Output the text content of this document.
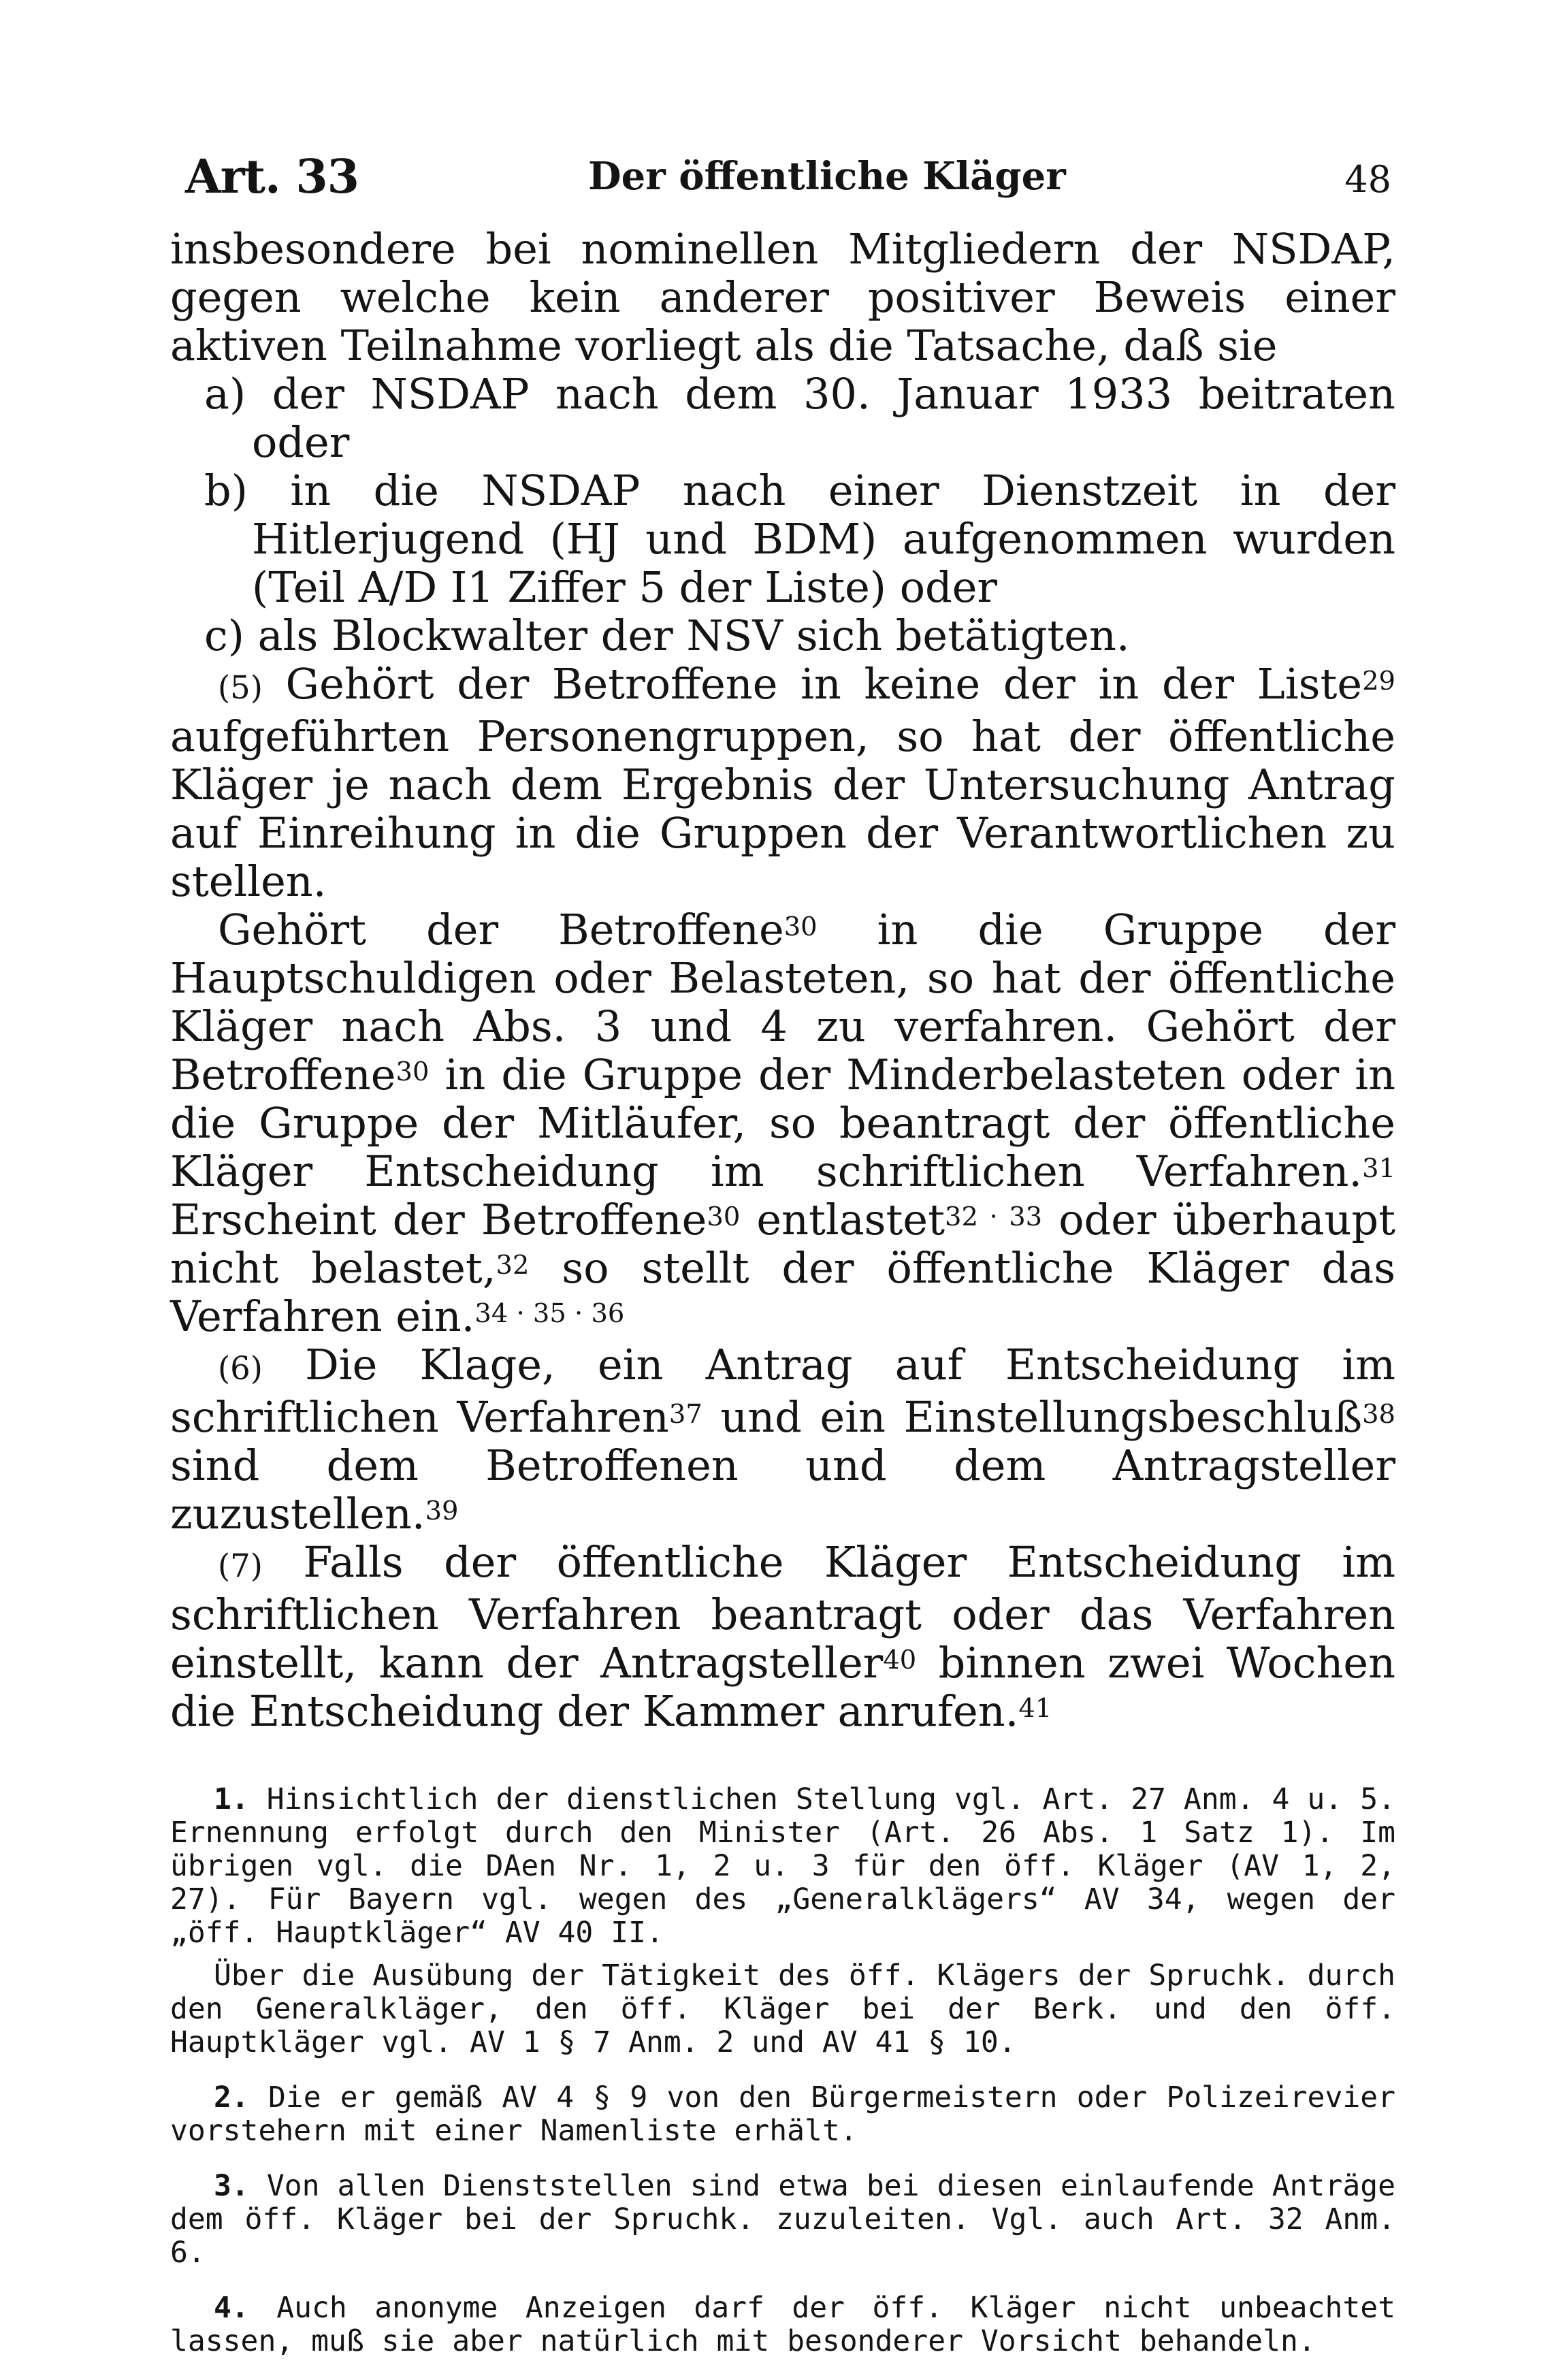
Art. 33	Der öffentliche Kläger	48

insbesondere bei nominellen Mitgliedern der NSDAP, gegen welche kein anderer positiver Beweis einer aktiven Teilnahme vorliegt als die Tatsache, daß sie

a) der NSDAP nach dem 30. Januar 1933 beitraten oder

b) in die NSDAP nach einer Dienstzeit in der Hitlerjugend (HJ und BDM) aufgenommen wurden (Teil A/D I1 Ziffer 5 der Liste) oder

c) als Blockwalter der NSV sich betätigten.

(5) Gehört der Betroffene in keine der in der Liste$^{29}$ aufgeführten Personengruppen, so hat der öffentliche Kläger je nach dem Ergebnis der Untersuchung Antrag auf Einreihung in die Gruppen der Verantwortlichen zu stellen.

Gehört der Betroffene$^{30}$ in die Gruppe der Hauptschuldigen oder Belasteten, so hat der öffentliche Kläger nach Abs. 3 und 4 zu verfahren. Gehört der Betroffene$^{30}$ in die Gruppe der Minderbelasteten oder in die Gruppe der Mitläufer, so beantragt der öffentliche Kläger Entscheidung im schriftlichen Verfahren.$^{31}$ Erscheint der Betroffene$^{30}$ entlastet$^{32 \cdot 33}$ oder überhaupt nicht belastet,$^{32}$ so stellt der öffentliche Kläger das Verfahren ein.$^{34 \cdot 35 \cdot 36}$

(6) Die Klage, ein Antrag auf Entscheidung im schriftlichen Verfahren$^{37}$ und ein Einstellungsbeschluß$^{38}$ sind dem Betroffenen und dem Antragsteller zuzustellen.$^{39}$

(7) Falls der öffentliche Kläger Entscheidung im schriftlichen Verfahren beantragt oder das Verfahren einstellt, kann der Antragsteller$^{40}$ binnen zwei Wochen die Entscheidung der Kammer anrufen.$^{41}$

1. Hinsichtlich der dienstlichen Stellung vgl. Art. 27 Anm. 4 u. 5. Ernennung erfolgt durch den Minister (Art. 26 Abs. 1 Satz 1). Im übrigen vgl. die DAen Nr. 1, 2 u. 3 für den öff. Kläger (AV 1, 2, 27). Für Bayern vgl. wegen des „Generalklägers“ AV 34, wegen der „öff. Hauptkläger“ AV 40 II.

Über die Ausübung der Tätigkeit des öff. Klägers der Spruchk. durch den Generalkläger, den öff. Kläger bei der Berk. und den öff. Hauptkläger vgl. AV 1 § 7 Anm. 2 und AV 41 § 10.

2. Die er gemäß AV 4 § 9 von den Bürgermeistern oder Polizeirevier vorstehern mit einer Namenliste erhält.

3. Von allen Dienststellen sind etwa bei diesen einlaufende Anträge dem öff. Kläger bei der Spruchk. zuzuleiten. Vgl. auch Art. 32 Anm. 6.

4. Auch anonyme Anzeigen darf der öff. Kläger nicht unbeachtet lassen, muß sie aber natürlich mit besonderer Vorsicht behandeln.
